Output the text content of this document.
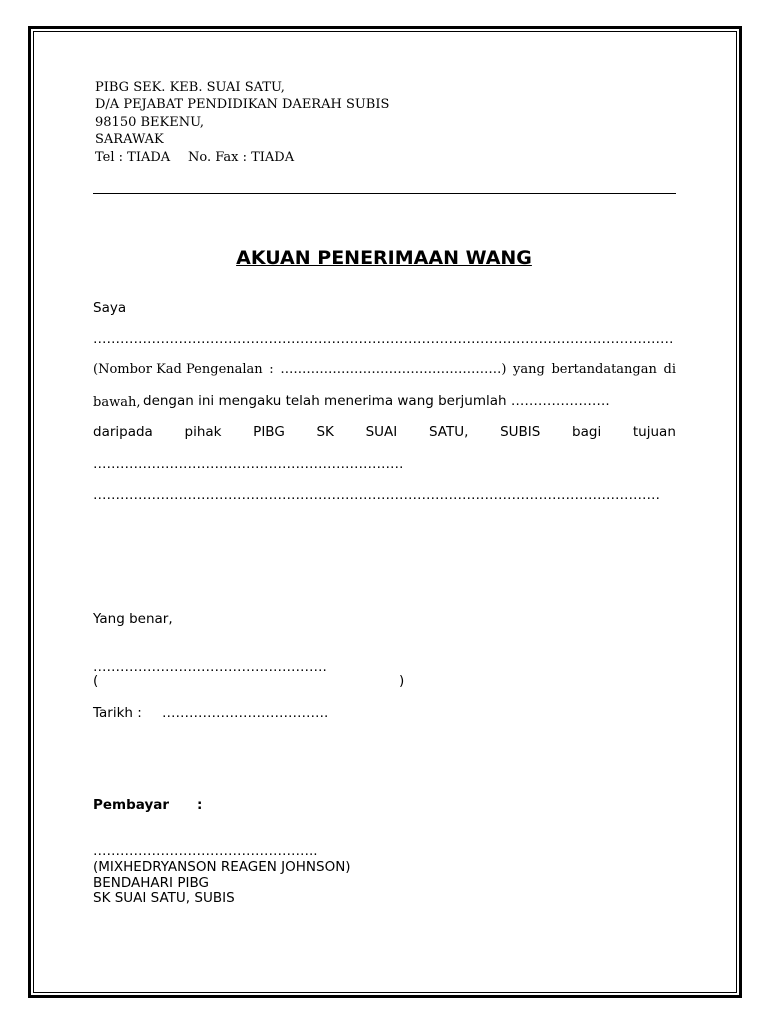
PIBG SEK. KEB. SUAI SATU,
D/A PEJABAT PENDIDIKAN DAERAH SUBIS
98150 BEKENU,
SARAWAK
Tel : TIADA No. Fax : TIADA
AKUAN PENERIMAAN WANG
Saya
…………………………………………………………………………………………………………………
(Nombor Kad Pengenalan : ……………………………………………) yang bertandatangan di
bawah, dengan ini mengaku telah menerima wang berjumlah ………………….
daripada pihak PIBG SK SUAI SATU, SUBIS bagi tujuan
……………………………………………………………
………………………………………………………………………………………………………………
Yang benar,
…………………………………………….
(	)
Tarikh : ……………………………….
Pembayar :
…………………………………………..
(MIXHEDRYANSON REAGEN JOHNSON)
BENDAHARI PIBG
SK SUAI SATU, SUBIS
